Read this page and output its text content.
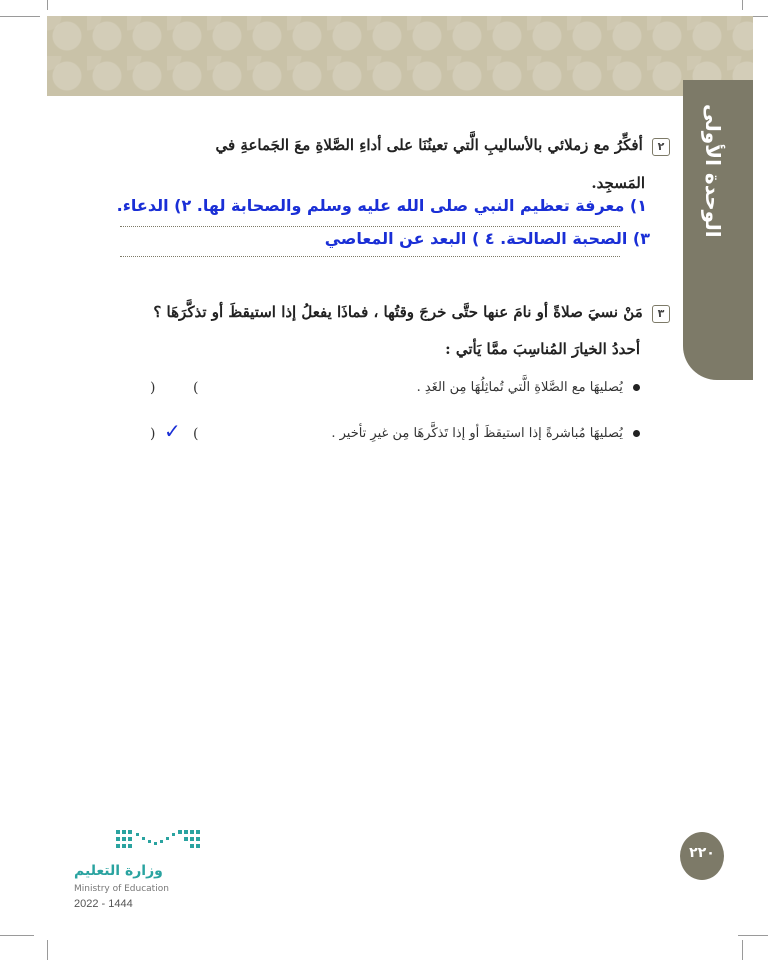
الوحدة الأولى
٢ أفكِّرُ مع زملائي بالأساليبِ الَّتي تعينُنَا على أداءِ الصَّلاةِ معَ الجَماعةِ في
المَسجِد.
١) معرفة تعظيم النبي صلى الله عليه وسلم والصحابة لها. ٢) الدعاء.
٣) الصحبة الصالحة. ٤ ) البعد عن المعاصي
٣ مَنْ نسيَ صلاةً أو نامَ عنها حتَّى خرجَ وقتُها ، فماذَا يفعلُ إذا استيقظَ أو تذكَّرَهَا ؟
أحددُ الخيارَ المُناسِبَ ممَّا يَأتي :
يُصليهَا مع الصَّلاةِ الَّتي تُماثِلُهَا مِن الغَدِ .
(
)
يُصليهَا مُباشرةً إذا استيقظَ أو إذا تَذكَّرهَا مِن غيرِ تأخير .
(
) ✓
وزارة التعليم
Ministry of Education
2022 - 1444
٢٢٠
